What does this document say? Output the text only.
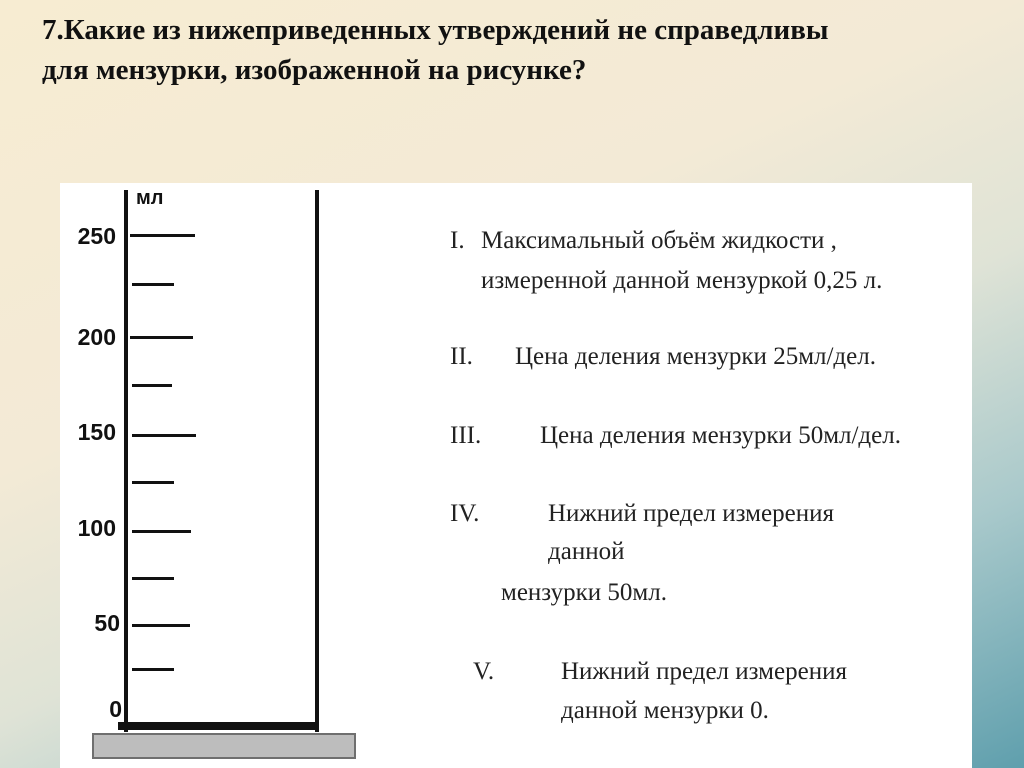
7.Какие из нижеприведенных утверждений не справедливы
для мензурки, изображенной на рисунке?
мл
250
200
150
100
50
0
I. Максимальный объём жидкости ,
измеренной данной мензуркой 0,25 л.
II. Цена деления мензурки 25мл/дел.
III. Цена деления мензурки 50мл/дел.
IV.	Нижний предел измерения
данной
мензурки 50мл.
V.	Нижний предел измерения
данной мензурки 0.
